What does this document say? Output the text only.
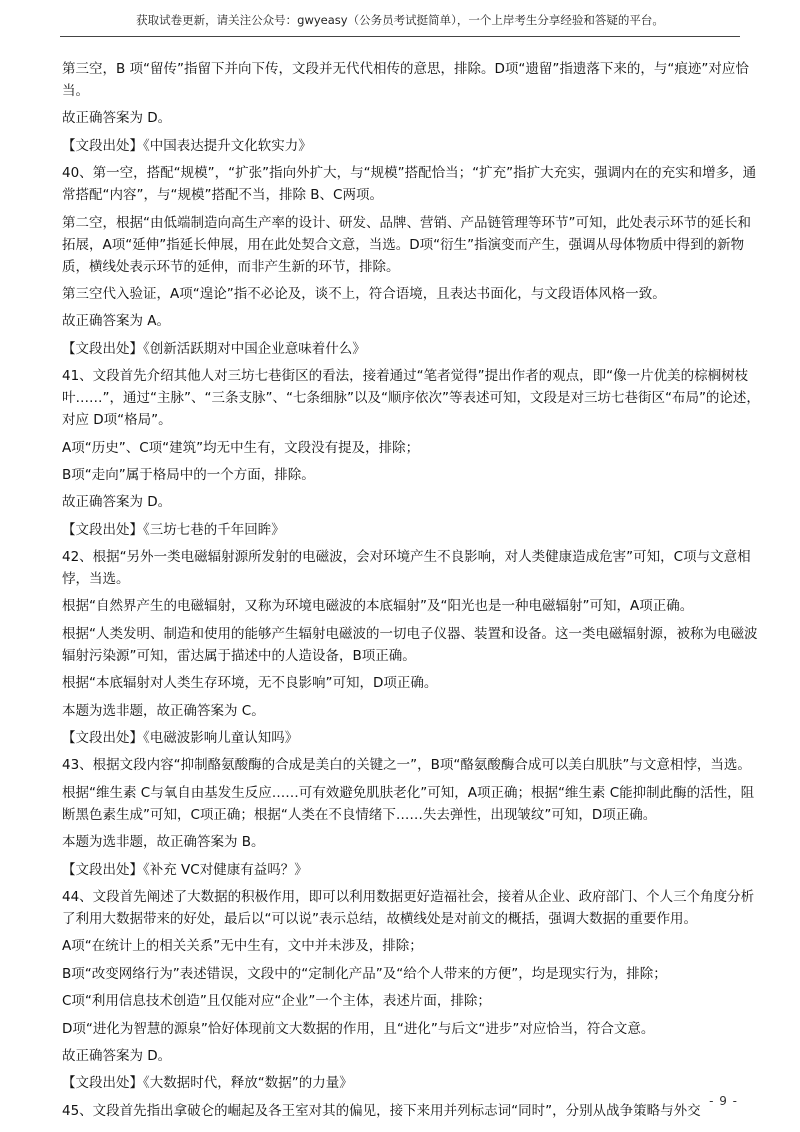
获取试卷更新，请关注公众号：gwyeasy（公务员考试挺简单），一个上岸考生分享经验和答疑的平台。

第三空，B 项“留传”指留下并向下传，文段并无代代相传的意思，排除。D项“遗留”指遗落下来的，与“痕迹”对应恰当。

故正确答案为 D。

【文段出处】《中国表达提升文化软实力》

40、第一空，搭配“规模”，“扩张”指向外扩大，与“规模”搭配恰当；“扩充”指扩大充实，强调内在的充实和增多，通常搭配“内容”，与“规模”搭配不当，排除 B、C两项。

第二空，根据“由低端制造向高生产率的设计、研发、品牌、营销、产品链管理等环节”可知，此处表示环节的延长和拓展，A项“延伸”指延长伸展，用在此处契合文意，当选。D项“衍生”指演变而产生，强调从母体物质中得到的新物质，横线处表示环节的延伸，而非产生新的环节，排除。

第三空代入验证，A项“遑论”指不必论及，谈不上，符合语境，且表达书面化，与文段语体风格一致。

故正确答案为 A。

【文段出处】《创新活跃期对中国企业意味着什么》

41、文段首先介绍其他人对三坊七巷街区的看法，接着通过“笔者觉得”提出作者的观点，即“像一片优美的棕榈树枝叶……”，通过“主脉”、“三条支脉”、“七条细脉”以及“顺序依次”等表述可知，文段是对三坊七巷街区“布局”的论述，对应 D项“格局”。

A项“历史”、C项“建筑”均无中生有，文段没有提及，排除；

B项“走向”属于格局中的一个方面，排除。

故正确答案为 D。

【文段出处】《三坊七巷的千年回眸》

42、根据“另外一类电磁辐射源所发射的电磁波，会对环境产生不良影响，对人类健康造成危害”可知，C项与文意相悖，当选。

根据“自然界产生的电磁辐射，又称为环境电磁波的本底辐射”及“阳光也是一种电磁辐射”可知，A项正确。

根据“人类发明、制造和使用的能够产生辐射电磁波的一切电子仪器、装置和设备。这一类电磁辐射源，被称为电磁波辐射污染源”可知，雷达属于描述中的人造设备，B项正确。

根据“本底辐射对人类生存环境，无不良影响”可知，D项正确。

本题为选非题，故正确答案为 C。

【文段出处】《电磁波影响儿童认知吗》

43、根据文段内容“抑制酪氨酸酶的合成是美白的关键之一”，B项“酪氨酸酶合成可以美白肌肤”与文意相悖，当选。

根据“维生素 C与氧自由基发生反应……可有效避免肌肤老化”可知，A项正确；根据“维生素 C能抑制此酶的活性，阻断黑色素生成”可知，C项正确；根据“人类在不良情绪下……失去弹性，出现皱纹”可知，D项正确。

本题为选非题，故正确答案为 B。

【文段出处】《补充 VC对健康有益吗？》

44、文段首先阐述了大数据的积极作用，即可以利用数据更好造福社会，接着从企业、政府部门、个人三个角度分析了利用大数据带来的好处，最后以“可以说”表示总结，故横线处是对前文的概括，强调大数据的重要作用。

A项“在统计上的相关关系”无中生有，文中并未涉及，排除；

B项“改变网络行为”表述错误，文段中的“定制化产品”及“给个人带来的方便”，均是现实行为，排除；

C项“利用信息技术创造”且仅能对应“企业”一个主体，表述片面，排除；

D项“进化为智慧的源泉”恰好体现前文大数据的作用，且“进化”与后文“进步”对应恰当，符合文意。

故正确答案为 D。

【文段出处】《大数据时代，释放“数据”的力量》

45、文段首先指出拿破仑的崛起及各王室对其的偏见，接下来用并列标志词“同时”，分别从战争策略与外交

- 9 -
